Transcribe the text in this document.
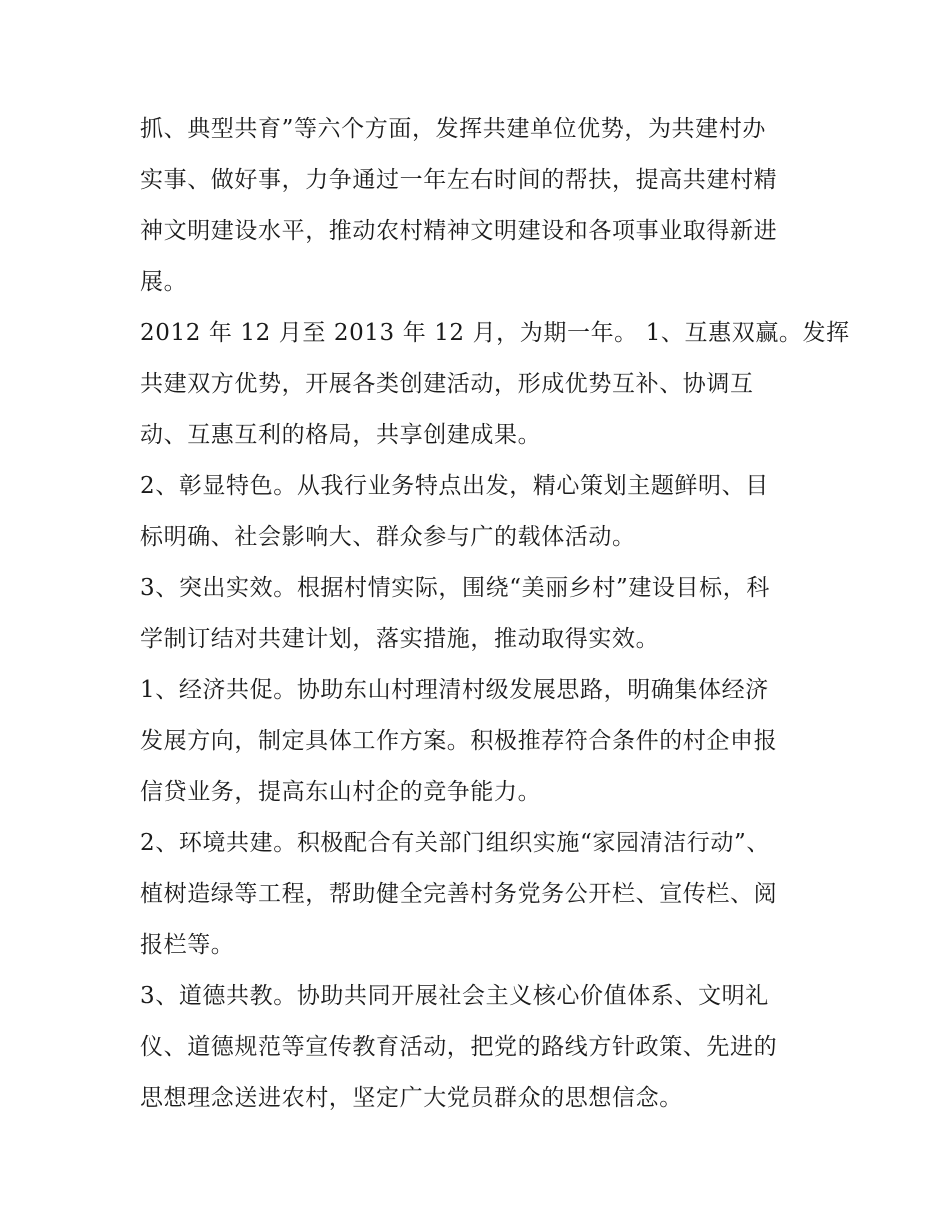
抓、典型共育”等六个方面，发挥共建单位优势，为共建村办
实事、做好事，力争通过一年左右时间的帮扶，提高共建村精
神文明建设水平，推动农村精神文明建设和各项事业取得新进
展。
2012 年 12 月至 2013 年 12 月，为期一年。 1、互惠双赢。发挥
共建双方优势，开展各类创建活动，形成优势互补、协调互
动、互惠互利的格局，共享创建成果。
2、彰显特色。从我行业务特点出发，精心策划主题鲜明、目
标明确、社会影响大、群众参与广的载体活动。
3、突出实效。根据村情实际，围绕“美丽乡村”建设目标，科
学制订结对共建计划，落实措施，推动取得实效。
1、经济共促。协助东山村理清村级发展思路，明确集体经济
发展方向，制定具体工作方案。积极推荐符合条件的村企申报
信贷业务，提高东山村企的竞争能力。
2、环境共建。积极配合有关部门组织实施“家园清洁行动”、
植树造绿等工程，帮助健全完善村务党务公开栏、宣传栏、阅
报栏等。
3、道德共教。协助共同开展社会主义核心价值体系、文明礼
仪、道德规范等宣传教育活动，把党的路线方针政策、先进的
思想理念送进农村，坚定广大党员群众的思想信念。
